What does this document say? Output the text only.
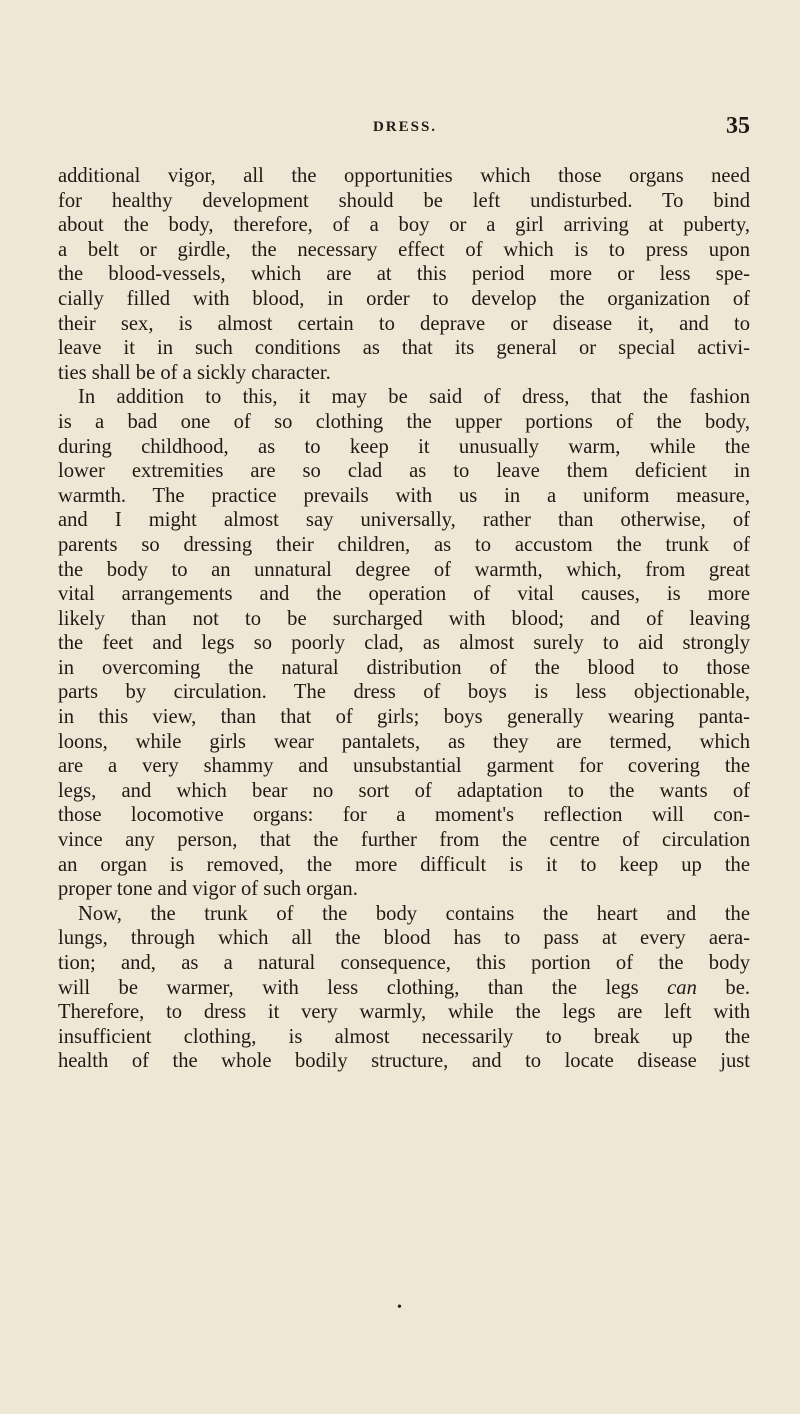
DRESS.	35
additional vigor, all the opportunities which those organs need
for healthy development should be left undisturbed. To bind
about the body, therefore, of a boy or a girl arriving at puberty,
a belt or girdle, the necessary effect of which is to press upon
the blood-vessels, which are at this period more or less spe-
cially filled with blood, in order to develop the organization of
their sex, is almost certain to deprave or disease it, and to
leave it in such conditions as that its general or special activi-
ties shall be of a sickly character.
In addition to this, it may be said of dress, that the fashion
is a bad one of so clothing the upper portions of the body,
during childhood, as to keep it unusually warm, while the
lower extremities are so clad as to leave them deficient in
warmth. The practice prevails with us in a uniform measure,
and I might almost say universally, rather than otherwise, of
parents so dressing their children, as to accustom the trunk of
the body to an unnatural degree of warmth, which, from great
vital arrangements and the operation of vital causes, is more
likely than not to be surcharged with blood; and of leaving
the feet and legs so poorly clad, as almost surely to aid strongly
in overcoming the natural distribution of the blood to those
parts by circulation. The dress of boys is less objectionable,
in this view, than that of girls; boys generally wearing panta-
loons, while girls wear pantalets, as they are termed, which
are a very shammy and unsubstantial garment for covering the
legs, and which bear no sort of adaptation to the wants of
those locomotive organs: for a moment's reflection will con-
vince any person, that the further from the centre of circulation
an organ is removed, the more difficult is it to keep up the
proper tone and vigor of such organ.
Now, the trunk of the body contains the heart and the
lungs, through which all the blood has to pass at every aera-
tion; and, as a natural consequence, this portion of the body
will be warmer, with less clothing, than the legs can be.
Therefore, to dress it very warmly, while the legs are left with
insufficient clothing, is almost necessarily to break up the
health of the whole bodily structure, and to locate disease just
•
